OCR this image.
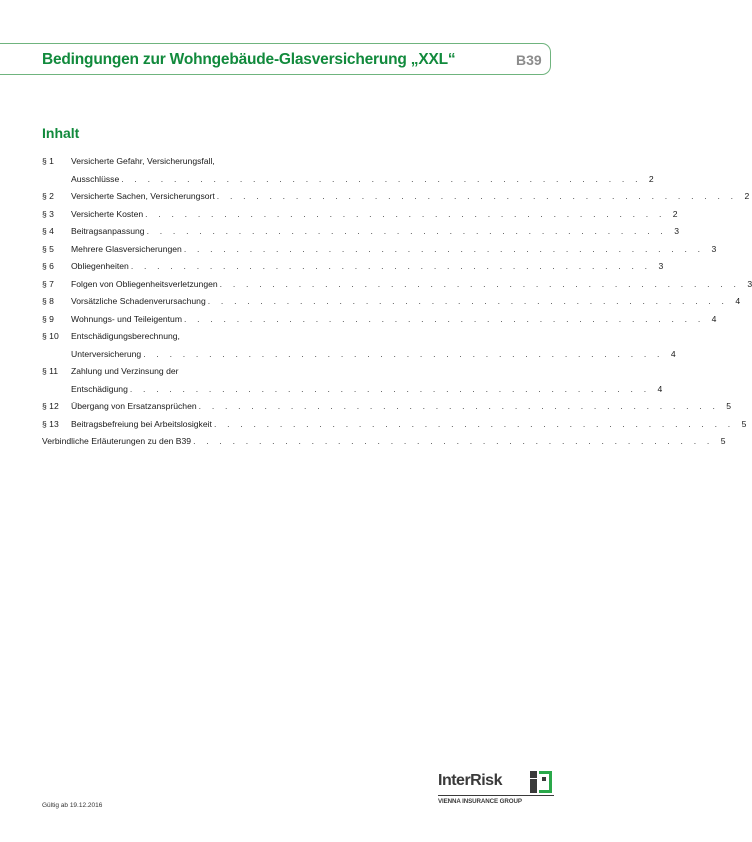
Bedingungen zur Wohngebäude-Glasversicherung „XXL“	B39
Inhalt
§ 1	Versicherte Gefahr, Versicherungsfall,
Ausschlüsse . . . . . . . . . . . . . . . . . . . . . . . . . . . . . . . . . . . . . . . . 2
§ 2	Versicherte Sachen, Versicherungsort . . . . . . . . . . . . . . . . . . . . . . . . . . . . . . . . . . . . . . . . 2
§ 3	Versicherte Kosten . . . . . . . . . . . . . . . . . . . . . . . . . . . . . . . . . . . . . . . . 2
§ 4	Beitragsanpassung . . . . . . . . . . . . . . . . . . . . . . . . . . . . . . . . . . . . . . . . 3
§ 5	Mehrere Glasversicherungen . . . . . . . . . . . . . . . . . . . . . . . . . . . . . . . . . . . . . . . . 3
§ 6	Obliegenheiten . . . . . . . . . . . . . . . . . . . . . . . . . . . . . . . . . . . . . . . . 3
§ 7	Folgen von Obliegenheitsverletzungen . . . . . . . . . . . . . . . . . . . . . . . . . . . . . . . . . . . . . . . . 3
§ 8	Vorsätzliche Schadenverursachung . . . . . . . . . . . . . . . . . . . . . . . . . . . . . . . . . . . . . . . . 4
§ 9	Wohnungs- und Teileigentum . . . . . . . . . . . . . . . . . . . . . . . . . . . . . . . . . . . . . . . . 4
§ 10	Entschädigungsberechnung,
Unterversicherung . . . . . . . . . . . . . . . . . . . . . . . . . . . . . . . . . . . . . . . . 4
§ 11	Zahlung und Verzinsung der
Entschädigung . . . . . . . . . . . . . . . . . . . . . . . . . . . . . . . . . . . . . . . . 4
§ 12	Übergang von Ersatzansprüchen . . . . . . . . . . . . . . . . . . . . . . . . . . . . . . . . . . . . . . . . 5
§ 13	Beitragsbefreiung bei Arbeitslosigkeit . . . . . . . . . . . . . . . . . . . . . . . . . . . . . . . . . . . . . . . . 5
Verbindliche Erläuterungen zu den B39 . . . . . . . . . . . . . . . . . . . . . . . . . . . . . . . . . . . . . . . . 5
Gültig ab 19.12.2016
InterRisk
VIENNA INSURANCE GROUP
